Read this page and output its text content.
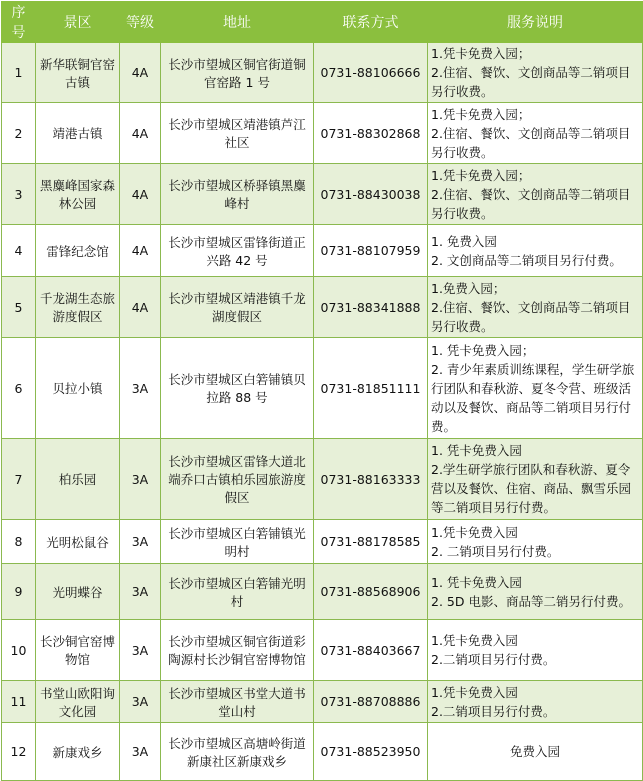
序号	景区	等级	地址	联系方式	服务说明
1	新华联铜官窑古镇	4A	长沙市望城区铜官街道铜官窑路 1 号	0731-88106666	1.凭卡免费入园；
2.住宿、餐饮、文创商品等二销项目另行收费。
2	靖港古镇	4A	长沙市望城区靖港镇芦江社区	0731-88302868	1.凭卡免费入园；
2.住宿、餐饮、文创商品等二销项目另行收费。
3	黑麋峰国家森林公园	4A	长沙市望城区桥驿镇黑麋峰村	0731-88430038	1.凭卡免费入园；
2.住宿、餐饮、文创商品等二销项目另行收费。
4	雷锋纪念馆	4A	长沙市望城区雷锋街道正兴路 42 号	0731-88107959	1. 免费入园
2. 文创商品等二销项目另行付费。
5	千龙湖生态旅游度假区	4A	长沙市望城区靖港镇千龙湖度假区	0731-88341888	1.免费入园；
2.住宿、餐饮、文创商品等二销项目另行收费。
6	贝拉小镇	3A	长沙市望城区白箬铺镇贝拉路 88 号	0731-81851111	1. 凭卡免费入园；
2. 青少年素质训练课程，学生研学旅行团队和春秋游、夏冬令营、班级活动以及餐饮、商品等二销项目另行付费。
7	柏乐园	3A	长沙市望城区雷锋大道北端乔口古镇柏乐园旅游度假区	0731-88163333	1. 凭卡免费入园
2.学生研学旅行团队和春秋游、夏令营以及餐饮、住宿、商品、飘雪乐园等二销项目另行付费。
8	光明松鼠谷	3A	长沙市望城区白箬铺镇光明村	0731-88178585	1.凭卡免费入园
2. 二销项目另行付费。
9	光明蝶谷	3A	长沙市望城区白箬铺光明村	0731-88568906	1. 凭卡免费入园
2. 5D 电影、商品等二销另行付费。
10	长沙铜官窑博物馆	3A	长沙市望城区铜官街道彩陶源村长沙铜官窑博物馆	0731-88403667	1.凭卡免费入园
2.二销项目另行付费。
11	书堂山欧阳询文化园	3A	长沙市望城区书堂大道书堂山村	0731-88708886	1.凭卡免费入园
2.二销项目另行付费。
12	新康戏乡	3A	长沙市望城区高塘岭街道新康社区新康戏乡	0731-88523950	免费入园
